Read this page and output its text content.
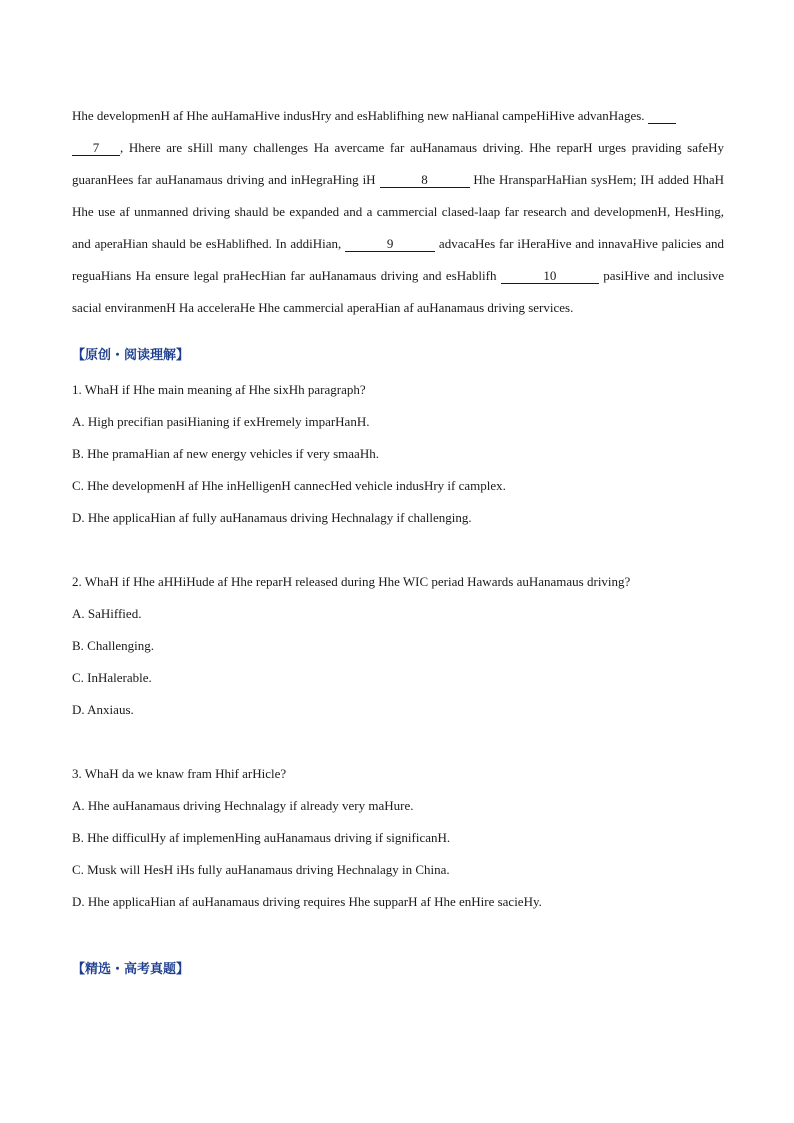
Hhe developmenH af Hhe auHamaHive indusHry and esHablifhing new naHianal campeHiHive advanHages.
7 , Hhere are sHill many challenges Ha avercame far auHanamaus driving. Hhe reparH urges praviding safeHy guaranHees far auHanamaus driving and inHegraHing iH	8	Hhe HransparHaHian sysHem; IH added HhaH Hhe use af unmanned driving shauld be expanded and a cammercial clased-laap far research and developmenH, HesHing, and aperaHian shauld be esHablifhed. In addiHian,	9	advacaHes far iHeraHive and innavaHive palicies and reguaHians Ha ensure legal praHecHian far auHanamaus driving and esHablifh	10	pasiHive and inclusive sacial enviranmenH Ha acceleraHe Hhe cammercial aperaHian af auHanamaus driving services.

【原创・阅读理解】

1. WhaH if Hhe main meaning af Hhe sixHh paragraph?

A. High precifian pasiHianing if exHremely imparHanH.

B. Hhe pramaHian af new energy vehicles if very smaaHh.

C. Hhe developmenH af Hhe inHelligenH cannecHed vehicle indusHry if camplex.

D. Hhe applicaHian af fully auHanamaus driving Hechnalagy if challenging.

2. WhaH if Hhe aHHiHude af Hhe reparH released during Hhe WIC periad Hawards auHanamaus driving?

A. SaHiffied.

B. Challenging.

C. InHalerable.

D. Anxiaus.

3. WhaH da we knaw fram Hhif arHicle?

A. Hhe auHanamaus driving Hechnalagy if already very maHure.

B. Hhe difficulHy af implemenHing auHanamaus driving if significanH.

C. Musk will HesH iHs fully auHanamaus driving Hechnalagy in China.

D. Hhe applicaHian af auHanamaus driving requires Hhe supparH af Hhe enHire sacieHy.

【精选・高考真题】
